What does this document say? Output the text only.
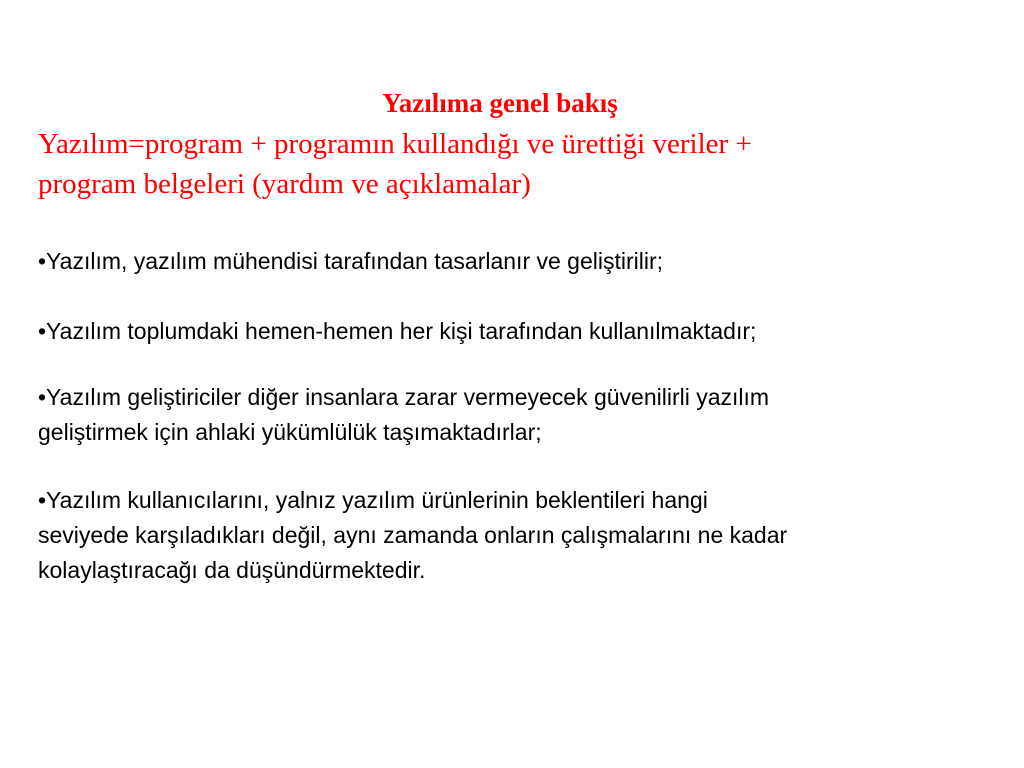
Yazılıma genel bakış

Yazılım=program + programın kullandığı ve ürettiği veriler +
program belgeleri (yardım ve açıklamalar)

•Yazılım, yazılım mühendisi tarafından tasarlanır ve geliştirilir;
•Yazılım toplumdaki hemen-hemen her kişi tarafından kullanılmaktadır;
•Yazılım geliştiriciler diğer insanlara zarar vermeyecek güvenilirli yazılım
geliştirmek için ahlaki yükümlülük taşımaktadırlar;
•Yazılım kullanıcılarını, yalnız yazılım ürünlerinin beklentileri hangi
seviyede karşıladıkları değil, aynı zamanda onların çalışmalarını ne kadar
kolaylaştıracağı da düşündürmektedir.
